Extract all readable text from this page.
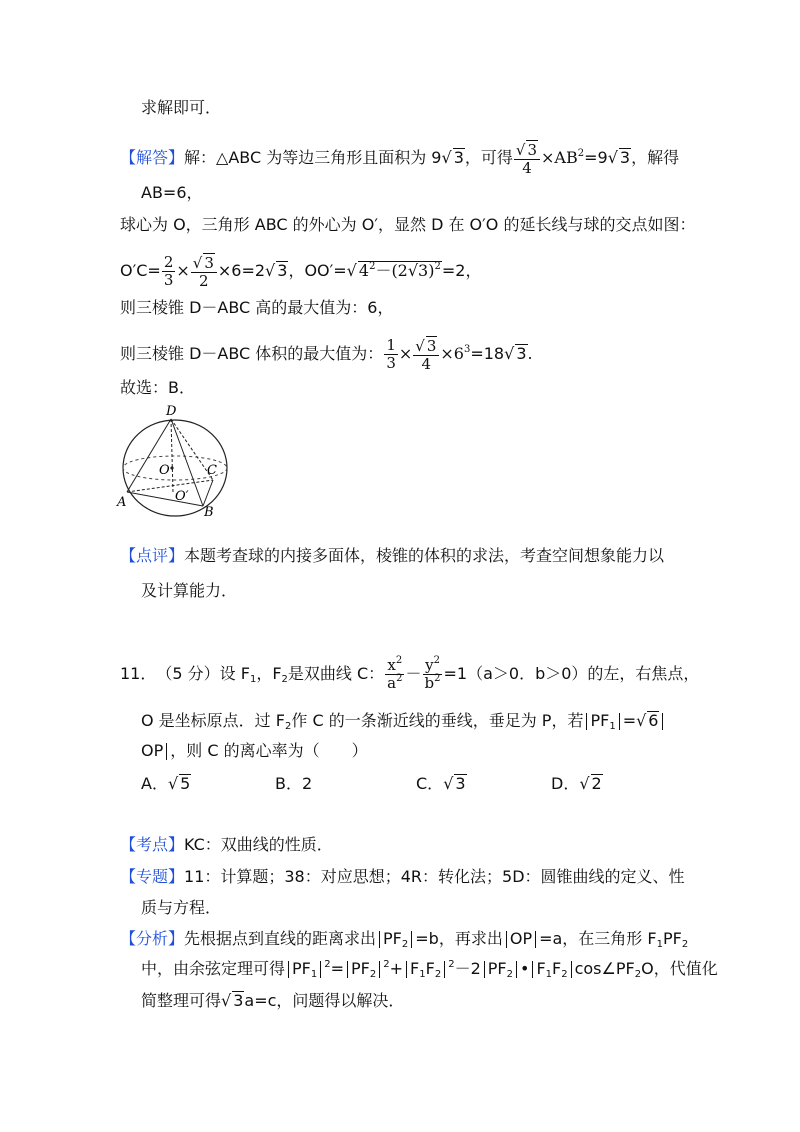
求解即可．
【解答】解：△ABC 为等边三角形且面积为 9√ 3，可得 $\frac{√ 3}{4} \times AB^2=9√$ 3，解得
AB=6，
球心为 O，三角形 ABC 的外心为 O′，显然 D 在 O′O 的延长线与球的交点如图：
$O'C= \frac{2}{3} \times \frac{√ 3}{2} \times 6=2√$ 3，OO′=√ $4^2-(2√3)^2=2$，
则三棱锥 D－ABC 高的最大值为：6，
则三棱锥 D－ABC 体积的最大值为： $\frac{1}{3} \times \frac{√ 3}{4} \times 6^3=18√$ 3.
故选：B．
D
O	C
A	O′
B
【点评】本题考查球的内接多面体，棱锥的体积的求法，考查空间想象能力以
及计算能力．
11． （5 分）设 $F_1$，$F_2$是双曲线 C： $\frac{x^2}{a^2} - \frac{y^2}{b^2} =1(a>0$．b＞0）的左，右焦点，
O 是坐标原点．过 $F_2$作 C 的一条渐近线的垂线，垂足为 P，若 $PF_1$ =√ 6
OP ，则 C 的离心率为（　　）
A．√ 5	B．2	C．√ 3	D．√ 2
【考点】KC：双曲线的性质．
【专题】11：计算题；38：对应思想；4R：转化法；5D：圆锥曲线的定义、性
质与方程．
【分析】先根据点到直线的距离求出 $PF_2 =b$，再求出 OP =a，在三角形 $F_1PF_2$
中，由余弦定理可得 $PF_1^2= PF_2^2+ F_1F_2^2-2$ $PF_2$ • $F_1F_2$ $\cos\angle PF_2O$，代值化
简整理可得√ 3a=c，问题得以解决．
